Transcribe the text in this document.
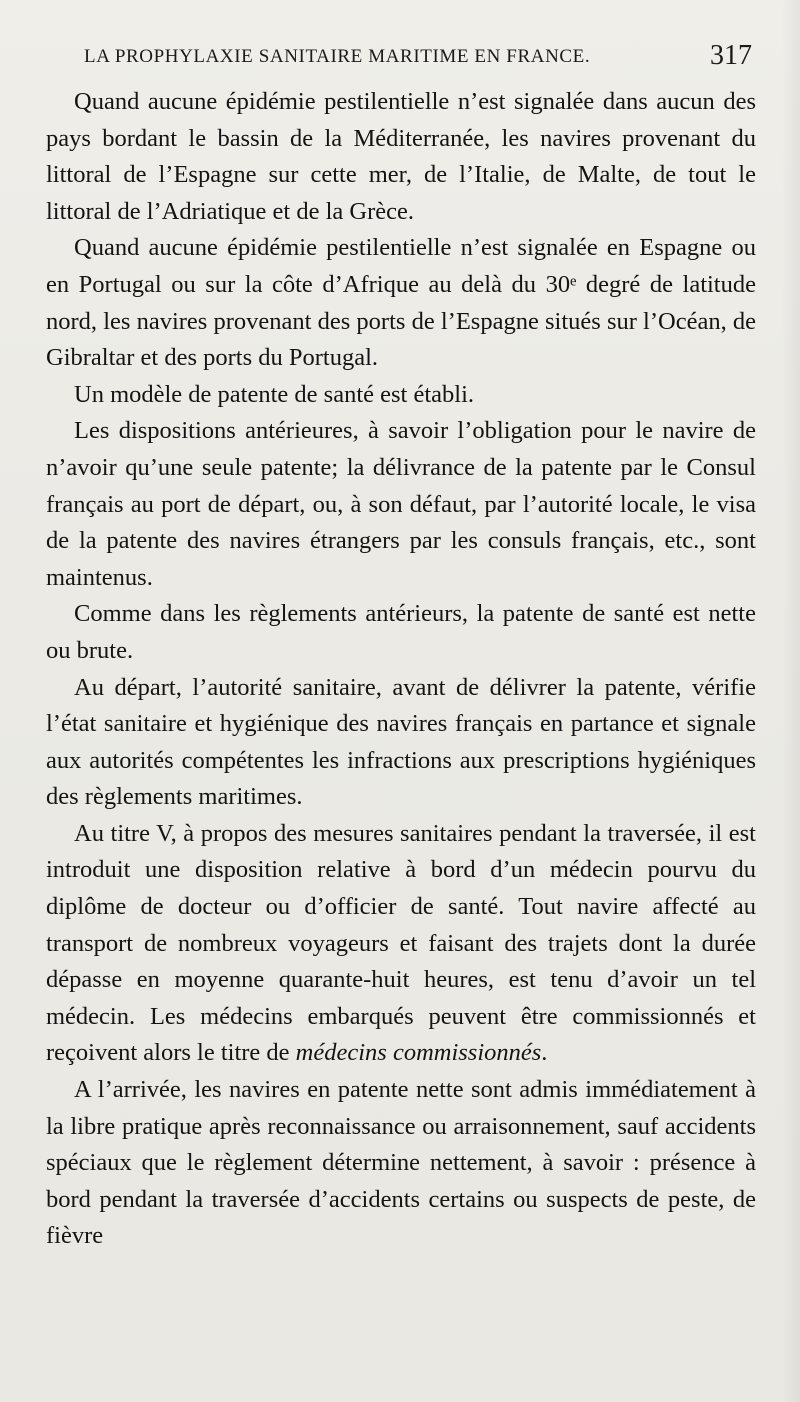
LA PROPHYLAXIE SANITAIRE MARITIME EN FRANCE.	317

Quand aucune épidémie pestilentielle n’est signalée dans aucun des pays bordant le bassin de la Méditerranée, les navires provenant du littoral de l’Espagne sur cette mer, de l’Italie, de Malte, de tout le littoral de l’Adriatique et de la Grèce.

Quand aucune épidémie pestilentielle n’est signalée en Espagne ou en Portugal ou sur la côte d’Afrique au delà du 30ᵉ degré de latitude nord, les navires provenant des ports de l’Espagne situés sur l’Océan, de Gibraltar et des ports du Portugal.

Un modèle de patente de santé est établi.

Les dispositions antérieures, à savoir l’obligation pour le navire de n’avoir qu’une seule patente; la délivrance de la patente par le Consul français au port de départ, ou, à son défaut, par l’autorité locale, le visa de la patente des navires étrangers par les consuls français, etc., sont maintenus.

Comme dans les règlements antérieurs, la patente de santé est nette ou brute.

Au départ, l’autorité sanitaire, avant de délivrer la patente, vérifie l’état sanitaire et hygiénique des navires français en partance et signale aux autorités compétentes les infractions aux prescriptions hygiéniques des règlements maritimes.

Au titre V, à propos des mesures sanitaires pendant la traversée, il est introduit une disposition relative à bord d’un médecin pourvu du diplôme de docteur ou d’officier de santé. Tout navire affecté au transport de nombreux voyageurs et faisant des trajets dont la durée dépasse en moyenne quarante-huit heures, est tenu d’avoir un tel médecin. Les médecins embarqués peuvent être commissionnés et reçoivent alors le titre de médecins commissionnés.

A l’arrivée, les navires en patente nette sont admis immédiatement à la libre pratique après reconnaissance ou arraisonnement, sauf accidents spéciaux que le règlement détermine nettement, à savoir : présence à bord pendant la traversée d’accidents certains ou suspects de peste, de fièvre
